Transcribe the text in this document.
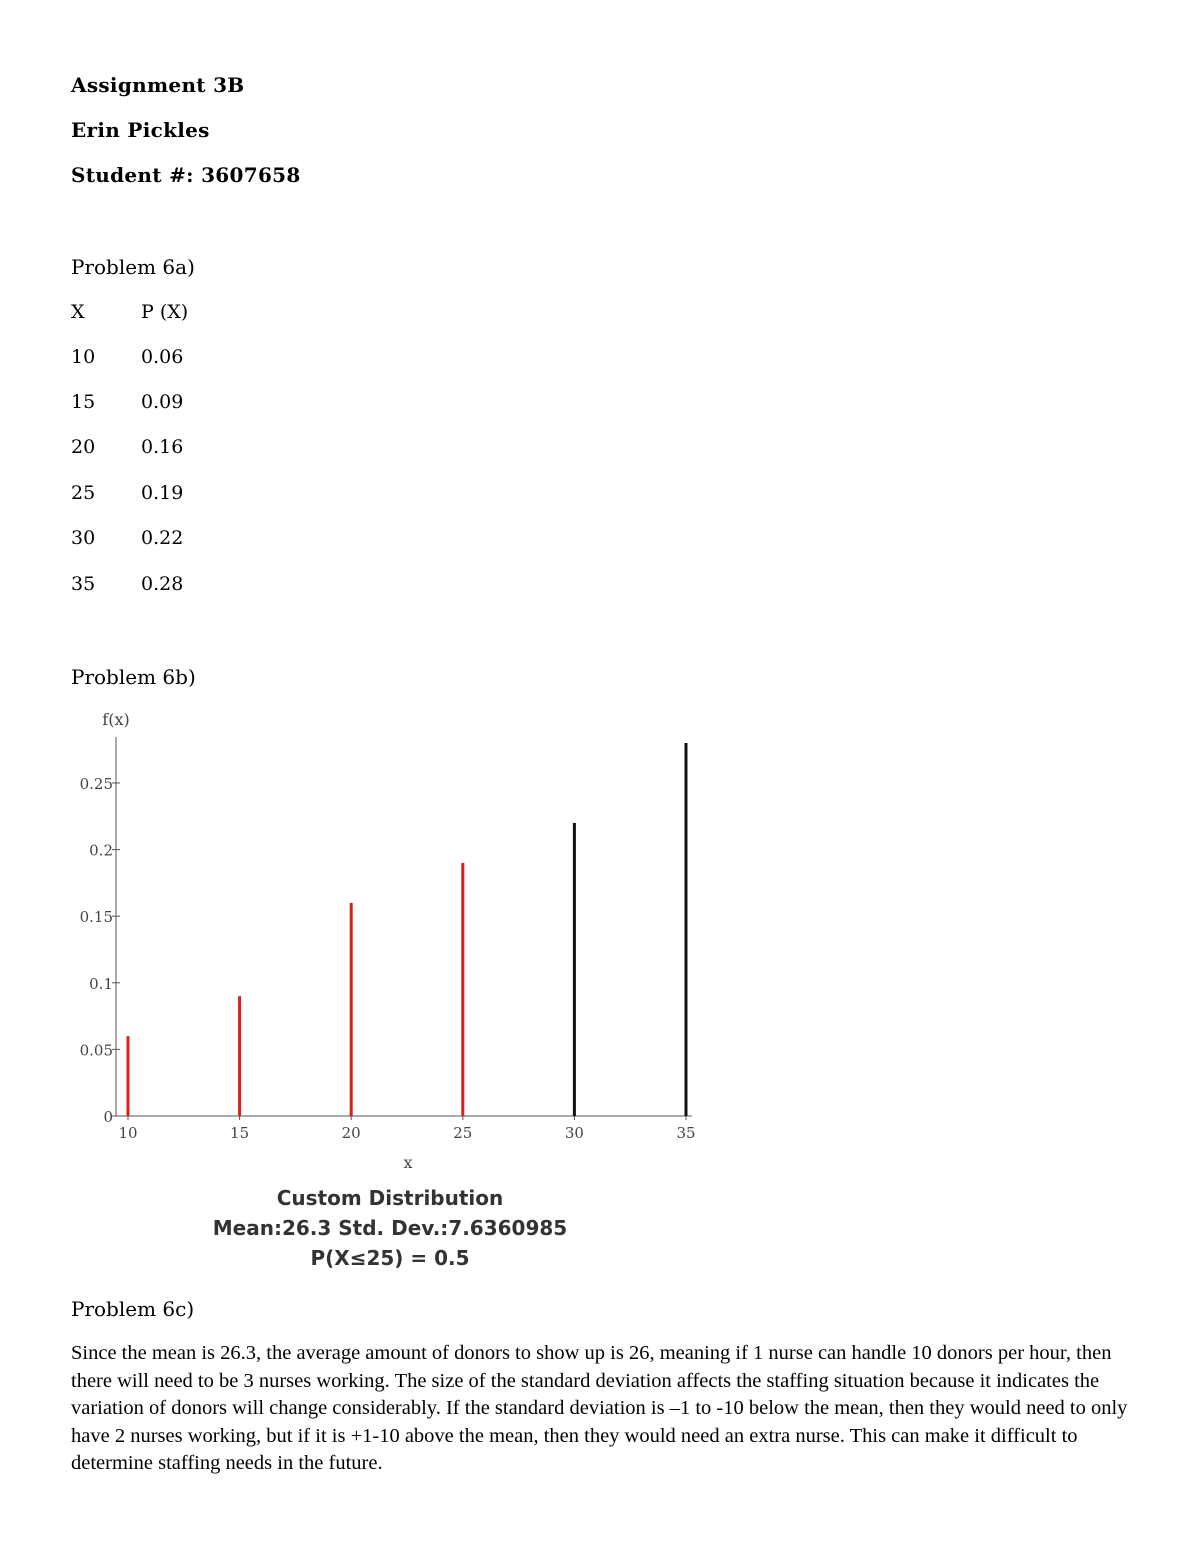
Assignment 3B
Erin Pickles
Student #: 3607658
Problem 6a)
X	P (X)
10 0.06
15 0.09
20 0.16
25 0.19
30 0.22
35 0.28
Problem 6b)
0
0.05
0.1
0.15
0.2
0.25
10	15	20	25	30	35
f(x)
x
Custom Distribution
Mean:26.3 Std. Dev.:7.6360985
P(X≤25) = 0.5
Problem 6c)

Since the mean is 26.3, the average amount of donors to show up is 26, meaning if 1 nurse can handle 10 donors per hour, then there will need to be 3 nurses working. The size of the standard deviation affects the staffing situation because it indicates the variation of donors will change considerably. If the standard deviation is –1 to -10 below the mean, then they would need to only have 2 nurses working, but if it is +1-10 above the mean, then they would need an extra nurse. This can make it difficult to determine staffing needs in the future.
